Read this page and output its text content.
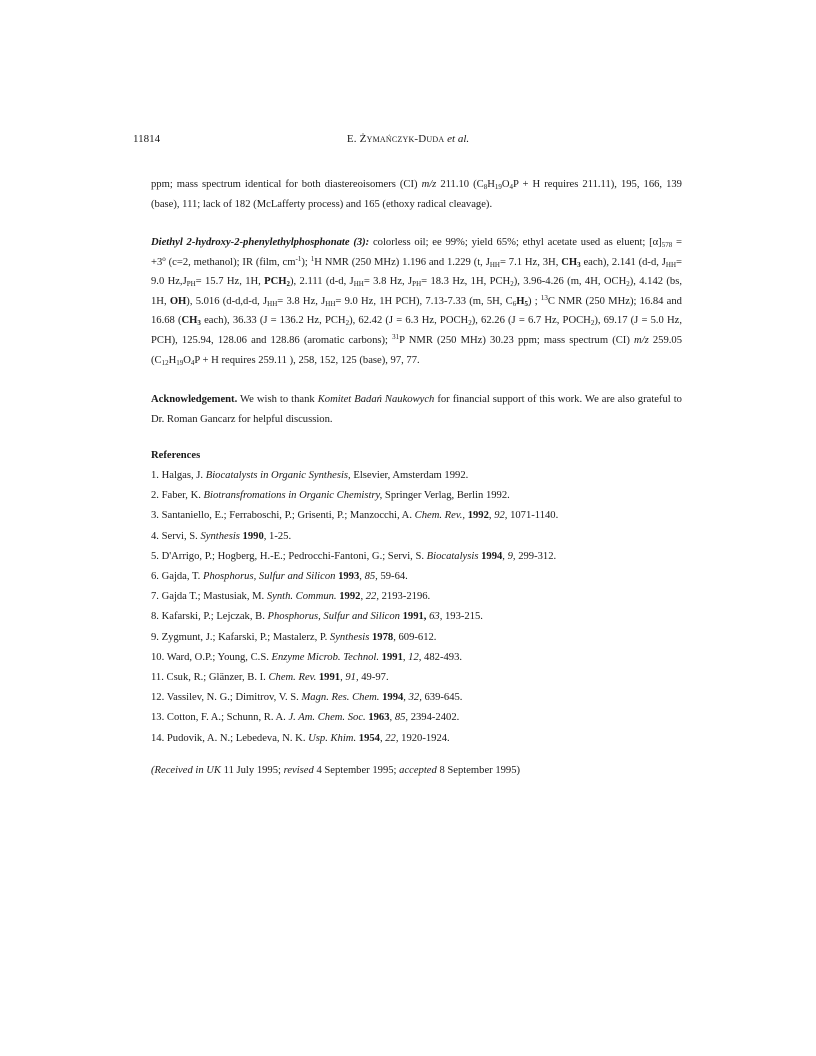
11814	E. Żymańczyk-Duda et al.

ppm; mass spectrum identical for both diastereoisomers (CI) m/z 211.10 ($C_8H_{19}O_4P + H$ requires 211.11), 195, 166, 139 (base), 111; lack of 182 (McLafferty process) and 165 (ethoxy radical cleavage).

Diethyl 2-hydroxy-2-phenylethylphosphonate (3): colorless oil; ee 99%; yield 65%; ethyl acetate used as eluent; $[\alpha]_{578} = +3^o$ (c=2, methanol); IR (film, $cm^{-1}$); $^1$H NMR (250 MHz) 1.196 and 1.229 (t, $J_{HH}= 7.1$ Hz, 3H, $CH_3$ each), 2.141 (d-d, $J_{HH}= 9.0$ $Hz,J_{PH}= 15.7$ Hz, 1H, $PCH_2$), 2.111 (d-d, $J_{HH}= 3.8$ Hz, $J_{PH}= 18.3$ Hz, 1H, $PCH_2$), 3.96-4.26 (m, 4H, $OCH_2$), 4.142 (bs, 1H, OH), 5.016 (d-d,d-d, $J_{HH}= 3.8$ Hz, $J_{HH}= 9.0$ Hz, 1H PCH), 7.13-7.33 (m, 5H, $C_6H_5$) ; $^{13}$C NMR (250 MHz); 16.84 and 16.68 ($CH_3$ each), 36.33 (J = 136.2 Hz, $PCH_2$), 62.42 (J = 6.3 Hz, $POCH_2$), 62.26 (J = 6.7 Hz, $POCH_2$), 69.17 (J = 5.0 Hz, PCH), 125.94, 128.06 and 128.86 (aromatic carbons); $^{31}$P NMR (250 MHz) 30.23 ppm; mass spectrum (CI) m/z 259.05 ($C_{12}H_{19}O_4P + H$ requires 259.11 ), 258, 152, 125 (base), 97, 77.

Acknowledgement. We wish to thank Komitet Badań Naukowych for financial support of this work. We are also grateful to Dr. Roman Gancarz for helpful discussion.

References
1. Halgas, J. Biocatalysts in Organic Synthesis, Elsevier, Amsterdam 1992.
2. Faber, K. Biotransfromations in Organic Chemistry, Springer Verlag, Berlin 1992.
3. Santaniello, E.; Ferraboschi, P.; Grisenti, P.; Manzocchi, A. Chem. Rev., 1992, 92, 1071-1140.
4. Servi, S. Synthesis 1990, 1-25.
5. D'Arrigo, P.; Hogberg, H.-E.; Pedrocchi-Fantoni, G.; Servi, S. Biocatalysis 1994, 9, 299-312.
6. Gajda, T. Phosphorus, Sulfur and Silicon 1993, 85, 59-64.
7. Gajda T.; Mastusiak, M. Synth. Commun. 1992, 22, 2193-2196.
8. Kafarski, P.; Lejczak, B. Phosphorus, Sulfur and Silicon 1991, 63, 193-215.
9. Zygmunt, J.; Kafarski, P.; Mastalerz, P. Synthesis 1978, 609-612.
10. Ward, O.P.; Young, C.S. Enzyme Microb. Technol. 1991, 12, 482-493.
11. Csuk, R.; Glänzer, B. I. Chem. Rev. 1991, 91, 49-97.
12. Vassilev, N. G.; Dimitrov, V. S. Magn. Res. Chem. 1994, 32, 639-645.
13. Cotton, F. A.; Schunn, R. A. J. Am. Chem. Soc. 1963, 85, 2394-2402.
14. Pudovik, A. N.; Lebedeva, N. K. Usp. Khim. 1954, 22, 1920-1924.
(Received in UK 11 July 1995; revised 4 September 1995; accepted 8 September 1995)
